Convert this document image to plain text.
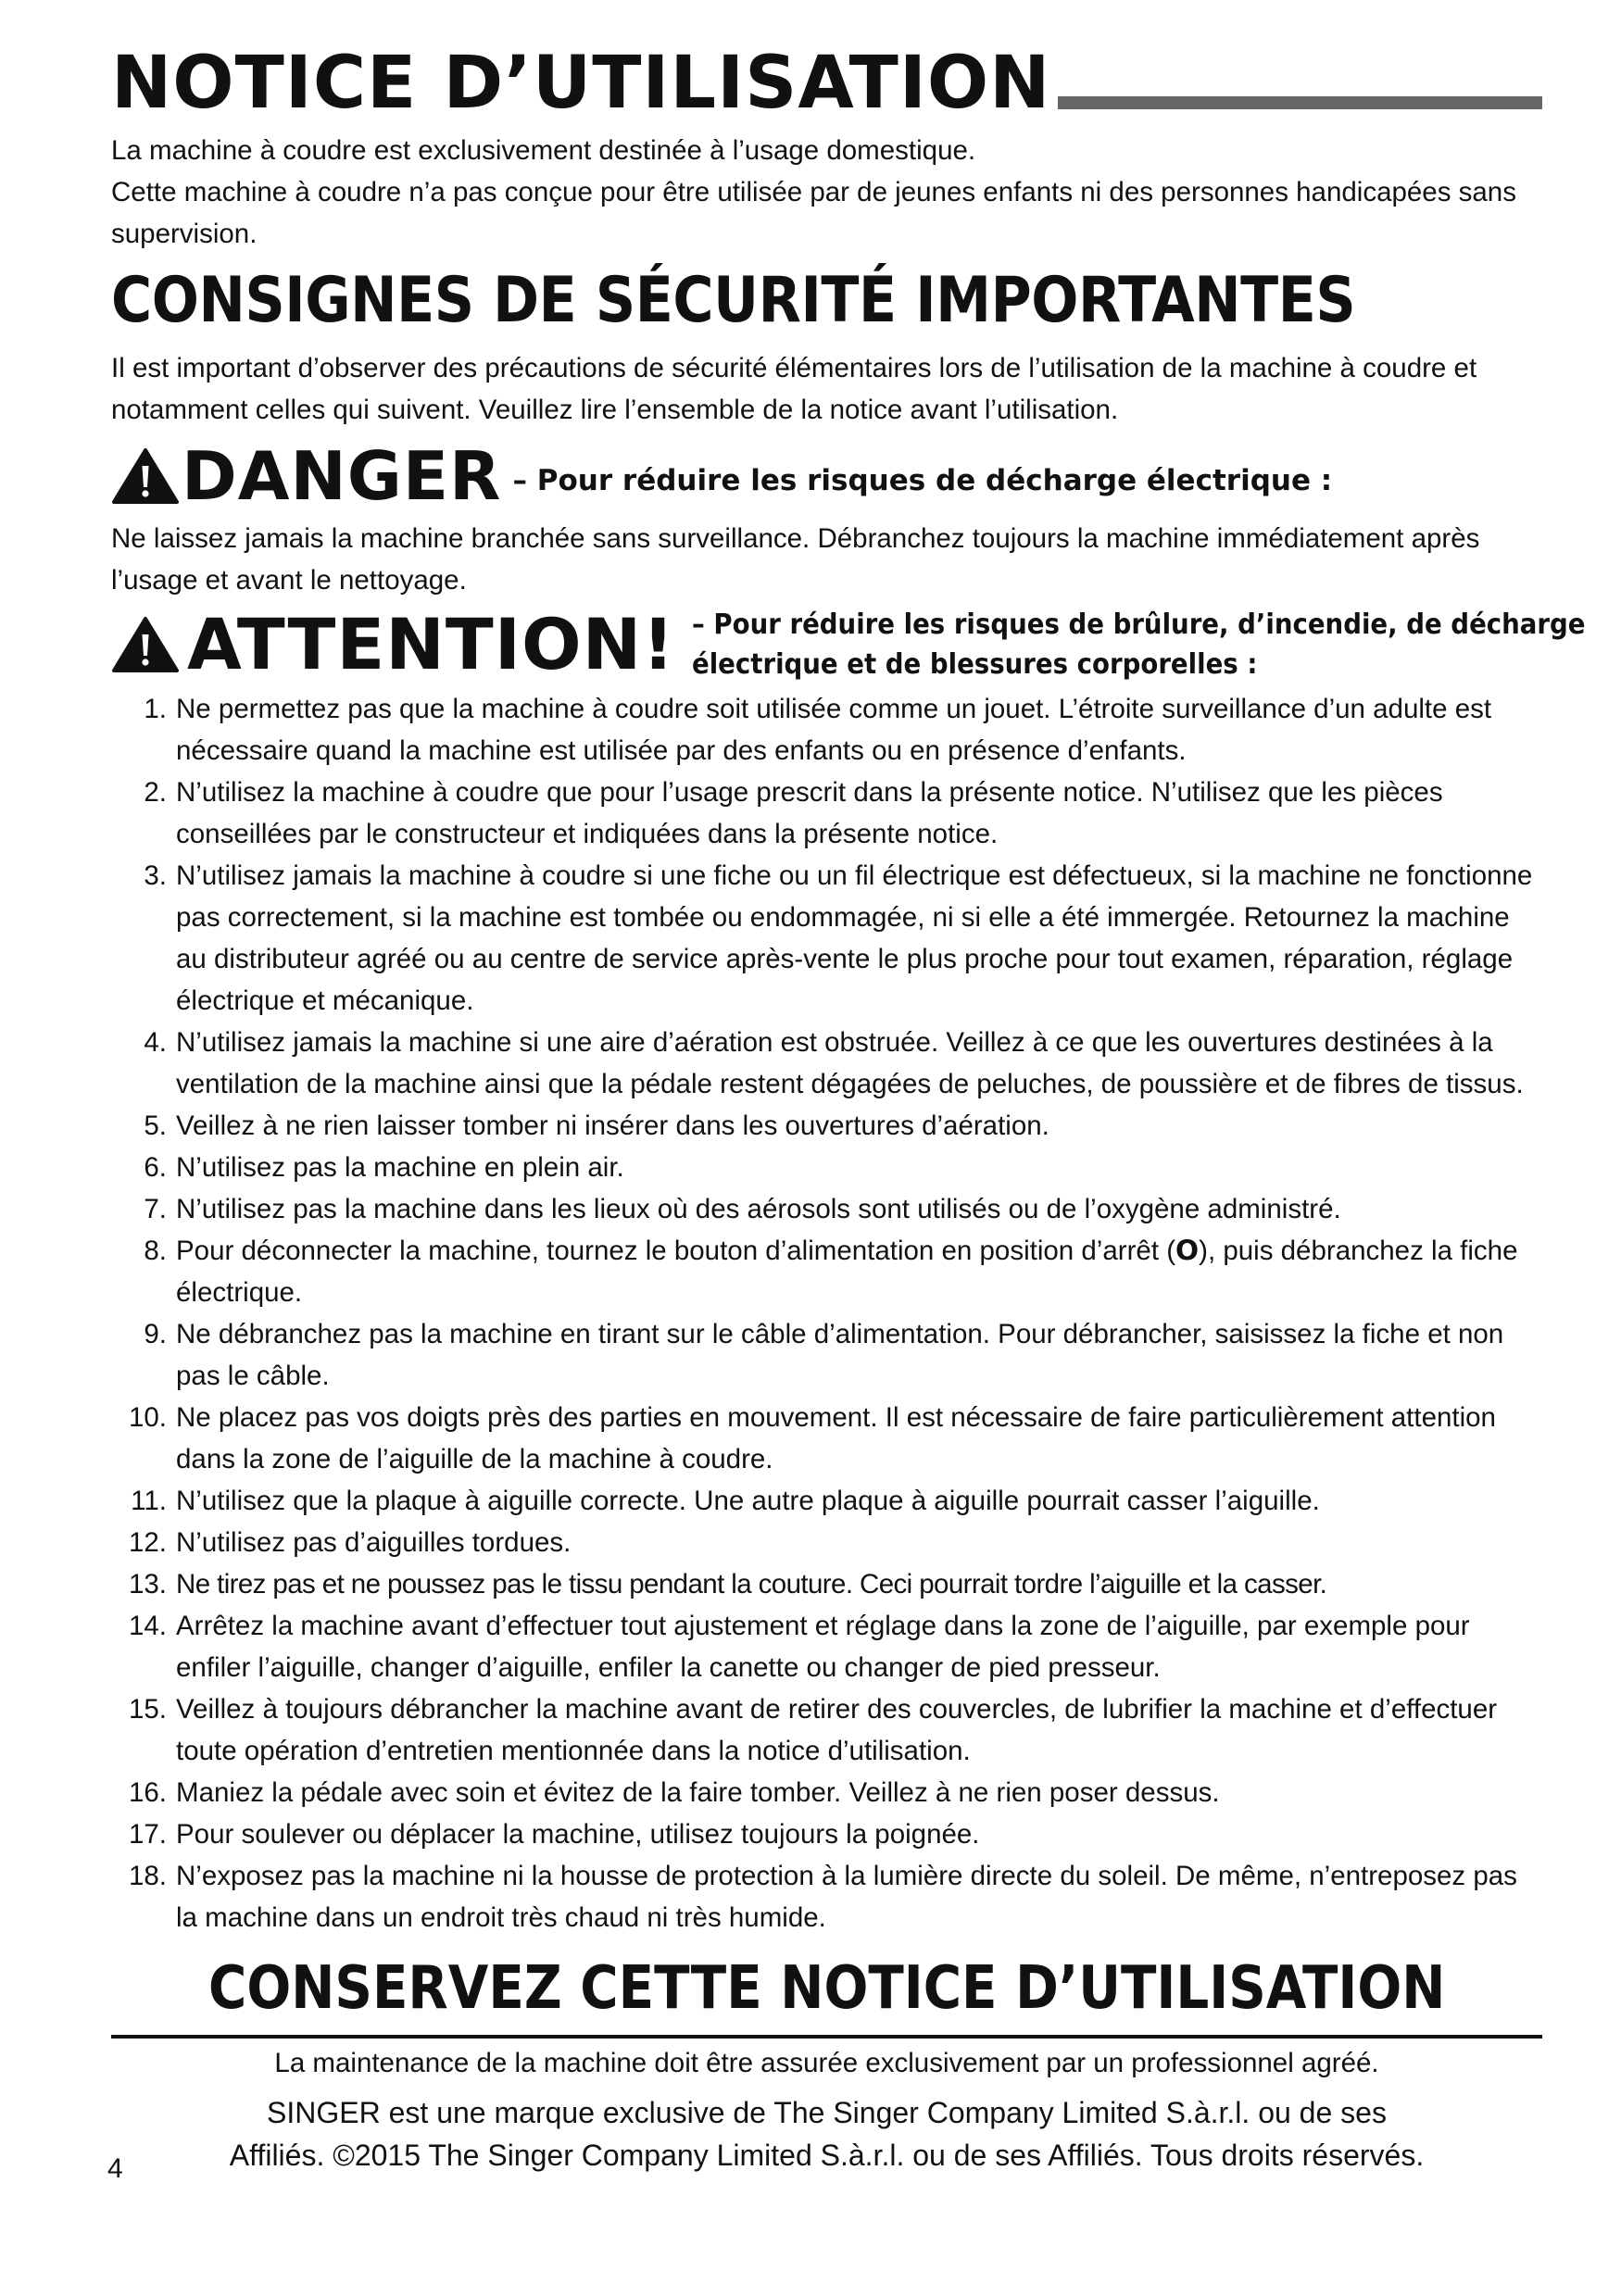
NOTICE D’UTILISATION

La machine à coudre est exclusivement destinée à l’usage domestique.

Cette machine à coudre n’a pas conçue pour être utilisée par de jeunes enfants ni des personnes handicapées sans supervision.

CONSIGNES DE SÉCURITÉ IMPORTANTES

Il est important d’observer des précautions de sécurité élémentaires lors de l’utilisation de la machine à coudre et notamment celles qui suivent. Veuillez lire l’ensemble de la notice avant l’utilisation.

DANGER – Pour réduire les risques de décharge électrique :

Ne laissez jamais la machine branchée sans surveillance. Débranchez toujours la machine immédiatement après l’usage et avant le nettoyage.

ATTENTION! – Pour réduire les risques de brûlure, d’incendie, de décharge
électrique et de blessures corporelles :
1. Ne permettez pas que la machine à coudre soit utilisée comme un jouet. L’étroite surveillance d’un adulte est nécessaire quand la machine est utilisée par des enfants ou en présence d’enfants.
2. N’utilisez la machine à coudre que pour l’usage prescrit dans la présente notice. N’utilisez que les pièces conseillées par le constructeur et indiquées dans la présente notice.
3. N’utilisez jamais la machine à coudre si une fiche ou un fil électrique est défectueux, si la machine ne fonctionne pas correctement, si la machine est tombée ou endommagée, ni si elle a été immergée. Retournez la machine au distributeur agréé ou au centre de service après-vente le plus proche pour tout examen, réparation, réglage électrique et mécanique.
4. N’utilisez jamais la machine si une aire d’aération est obstruée. Veillez à ce que les ouvertures destinées à la ventilation de la machine ainsi que la pédale restent dégagées de peluches, de poussière et de fibres de tissus.
5. Veillez à ne rien laisser tomber ni insérer dans les ouvertures d’aération.
6. N’utilisez pas la machine en plein air.
7. N’utilisez pas la machine dans les lieux où des aérosols sont utilisés ou de l’oxygène administré.
8. Pour déconnecter la machine, tournez le bouton d’alimentation en position d’arrêt (O), puis débranchez la fiche électrique.
9. Ne débranchez pas la machine en tirant sur le câble d’alimentation. Pour débrancher, saisissez la fiche et non pas le câble.
10. Ne placez pas vos doigts près des parties en mouvement. Il est nécessaire de faire particulièrement attention dans la zone de l’aiguille de la machine à coudre.
11. N’utilisez que la plaque à aiguille correcte. Une autre plaque à aiguille pourrait casser l’aiguille.
12. N’utilisez pas d’aiguilles tordues.
13. Ne tirez pas et ne poussez pas le tissu pendant la couture. Ceci pourrait tordre l’aiguille et la casser.
14. Arrêtez la machine avant d’effectuer tout ajustement et réglage dans la zone de l’aiguille, par exemple pour enfiler l’aiguille, changer d’aiguille, enfiler la canette ou changer de pied presseur.
15. Veillez à toujours débrancher la machine avant de retirer des couvercles, de lubrifier la machine et d’effectuer toute opération d’entretien mentionnée dans la notice d’utilisation.
16. Maniez la pédale avec soin et évitez de la faire tomber. Veillez à ne rien poser dessus.
17. Pour soulever ou déplacer la machine, utilisez toujours la poignée.
18. N’exposez pas la machine ni la housse de protection à la lumière directe du soleil. De même, n’entreposez pas la machine dans un endroit très chaud ni très humide.
CONSERVEZ CETTE NOTICE D’UTILISATION

La maintenance de la machine doit être assurée exclusivement par un professionnel agréé.

SINGER est une marque exclusive de The Singer Company Limited S.à.r.l. ou de ses
Affiliés. ©2015 The Singer Company Limited S.à.r.l. ou de ses Affiliés. Tous droits réservés.

4
